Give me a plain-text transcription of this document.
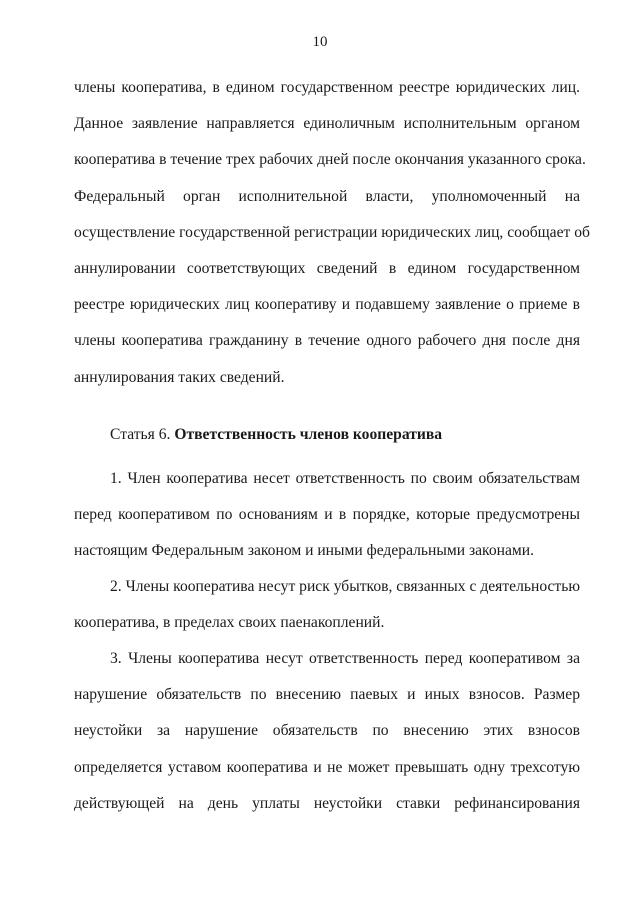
10
члены кооператива, в едином государственном реестре юридических лиц.
Данное заявление направляется единоличным исполнительным органом
кооператива в течение трех рабочих дней после окончания указанного срока.
Федеральный орган исполнительной власти, уполномоченный на
осуществление государственной регистрации юридических лиц, сообщает об
аннулировании соответствующих сведений в едином государственном
реестре юридических лиц кооперативу и подавшему заявление о приеме в
члены кооператива гражданину в течение одного рабочего дня после дня
аннулирования таких сведений.
Статья 6. Ответственность членов кооператива
1. Член кооператива несет ответственность по своим обязательствам
перед кооперативом по основаниям и в порядке, которые предусмотрены
настоящим Федеральным законом и иными федеральными законами.
2. Члены кооператива несут риск убытков, связанных с деятельностью
кооператива, в пределах своих паенакоплений.
3. Члены кооператива несут ответственность перед кооперативом за
нарушение обязательств по внесению паевых и иных взносов. Размер
неустойки за нарушение обязательств по внесению этих взносов
определяется уставом кооператива и не может превышать одну трехсотую
действующей на день уплаты неустойки ставки рефинансирования
